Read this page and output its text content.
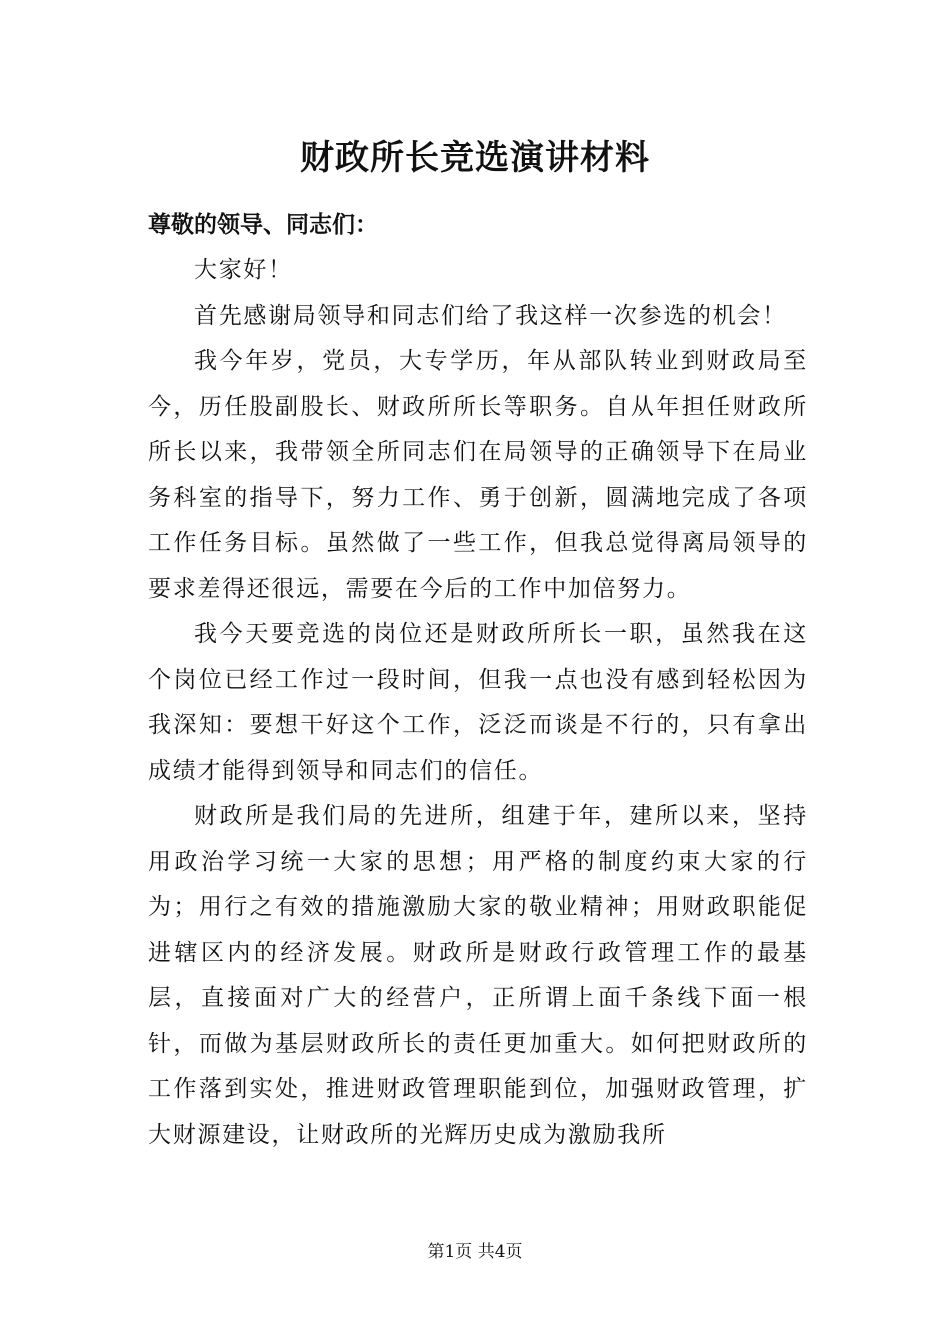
财政所长竞选演讲材料

尊敬的领导、同志们：

大家好！

首先感谢局领导和同志们给了我这样一次参选的机会！

我今年岁，党员，大专学历，年从部队转业到财政局至今，历任股副股长、财政所所长等职务。自从年担任财政所所长以来，我带领全所同志们在局领导的正确领导下在局业务科室的指导下，努力工作、勇于创新，圆满地完成了各项工作任务目标。虽然做了一些工作，但我总觉得离局领导的要求差得还很远，需要在今后的工作中加倍努力。

我今天要竞选的岗位还是财政所所长一职，虽然我在这个岗位已经工作过一段时间，但我一点也没有感到轻松因为我深知：要想干好这个工作，泛泛而谈是不行的，只有拿出成绩才能得到领导和同志们的信任。

财政所是我们局的先进所，组建于年，建所以来，坚持用政治学习统一大家的思想；用严格的制度约束大家的行为；用行之有效的措施激励大家的敬业精神；用财政职能促进辖区内的经济发展。财政所是财政行政管理工作的最基层，直接面对广大的经营户，正所谓上面千条线下面一根针，而做为基层财政所长的责任更加重大。如何把财政所的工作落到实处，推进财政管理职能到位，加强财政管理，扩大财源建设，让财政所的光辉历史成为激励我所

第1页 共4页
